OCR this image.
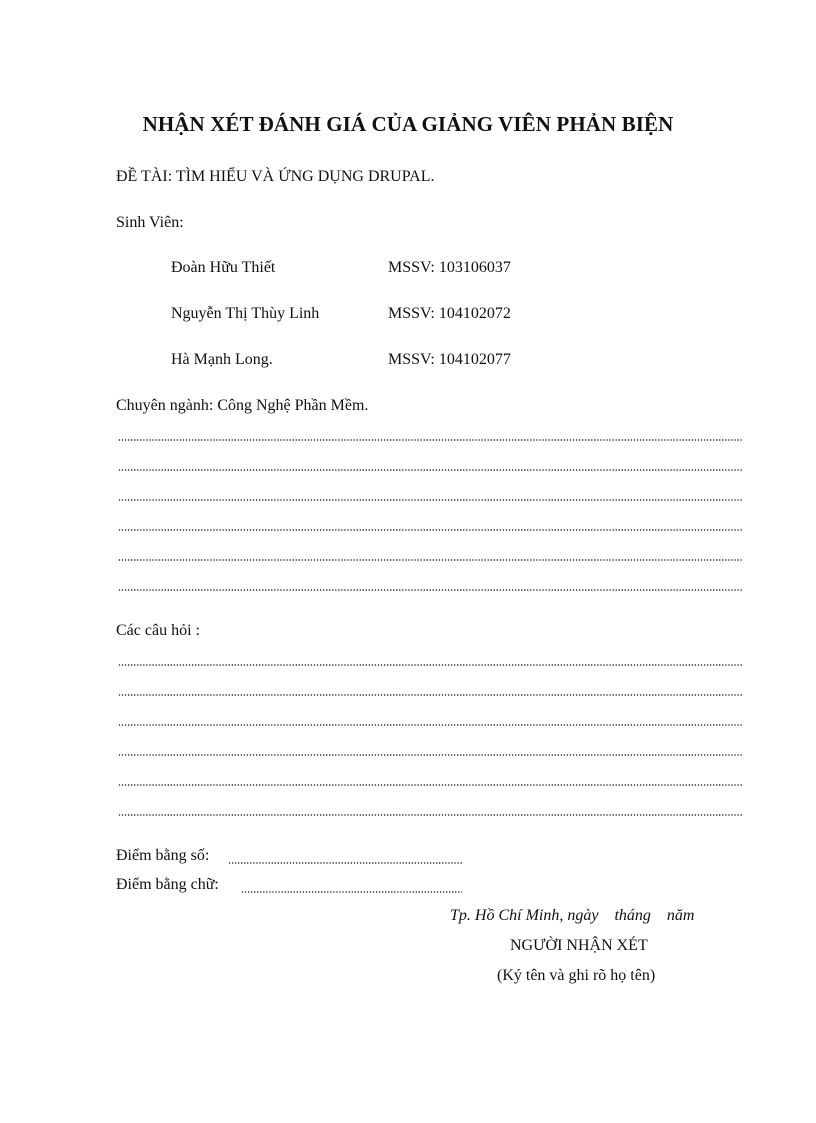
NHẬN XÉT ĐÁNH GIÁ CỦA GIẢNG VIÊN PHẢN BIỆN
ĐỀ TÀI: TÌM HIỂU VÀ ỨNG DỤNG DRUPAL.
Sinh Viên:
Đoàn Hữu Thiết	MSSV: 103106037
Nguyễn Thị Thùy Linh	MSSV: 104102072
Hà Mạnh Long.	MSSV: 104102077
Chuyên ngành: Công Nghệ Phần Mềm.
Các câu hỏi :
Điểm bằng số:
Điểm bằng chữ:
Tp. Hồ Chí Minh, ngày    tháng    năm
NGƯỜI NHẬN XÉT
(Ký tên và ghi rõ họ tên)
